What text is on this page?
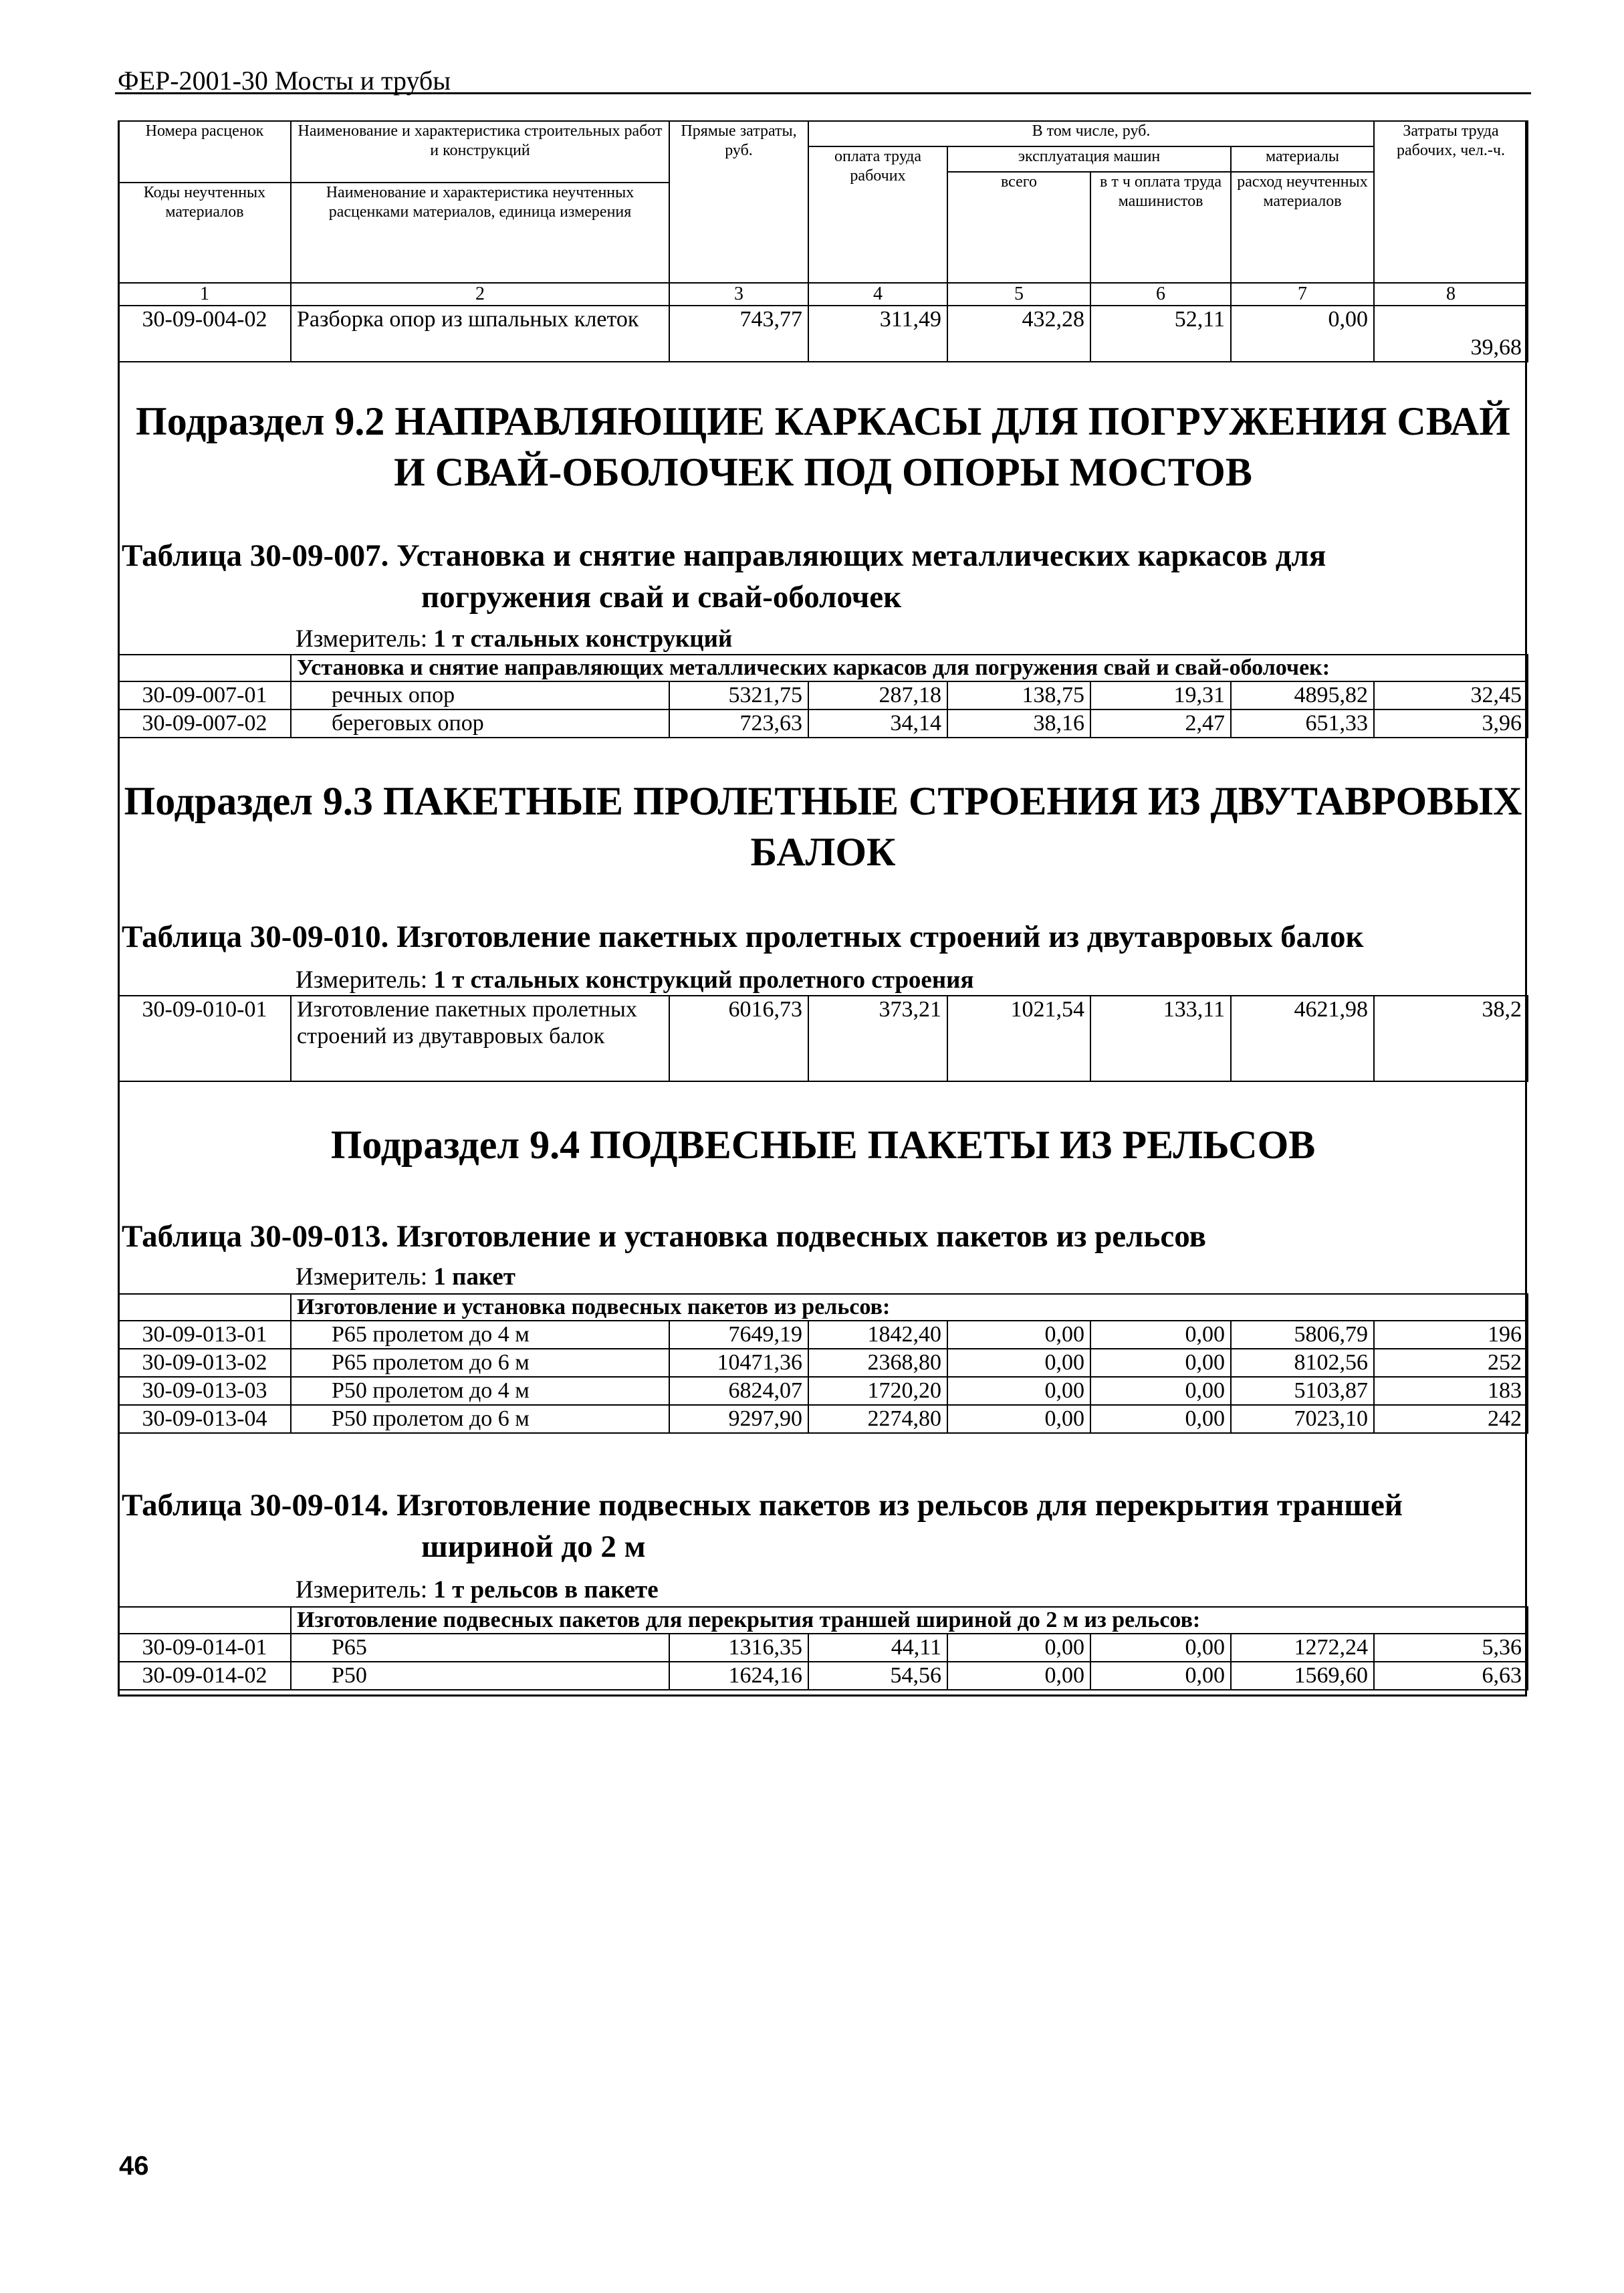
ФЕР-2001-30 Мосты и трубы
Номера расценок	Наименование и характеристика строительных работ и конструкций	Прямые затраты, руб.	В том числе, руб.				Затраты труда рабочих, чел.-ч.
			оплата труда рабочих	эксплуатация машин		материалы	
				всего	в т ч оплата труда машинистов	расход неучтенных материалов	
Коды неучтенных материалов	Наименование и характеристика неучтенных расценками материалов, единица измерения						

1	2	3	4	5	6	7	8
30-09-004-02	Разборка опор из шпальных клеток	743,77	311,49	432,28	52,11	0,00	39,68
Подраздел 9.2 НАПРАВЛЯЮЩИЕ КАРКАСЫ ДЛЯ ПОГРУЖЕНИЯ СВАЙ И СВАЙ-ОБОЛОЧЕК ПОД ОПОРЫ МОСТОВ
Таблица 30-09-007. Установка и снятие направляющих металлических каркасов для
погружения свай и свай-оболочек
Измеритель: 1 т стальных конструкций
	Установка и снятие направляющих металлических каркасов для погружения свай и свай-оболочек:						
30-09-007-01	речных опор	5321,75	287,18	138,75	19,31	4895,82	32,45
30-09-007-02	береговых опор	723,63	34,14	38,16	2,47	651,33	3,96
Подраздел 9.3 ПАКЕТНЫЕ ПРОЛЕТНЫЕ СТРОЕНИЯ ИЗ ДВУТАВРОВЫХ БАЛОК
Таблица 30-09-010. Изготовление пакетных пролетных строений из двутавровых балок
Измеритель: 1 т стальных конструкций пролетного строения
30-09-010-01	Изготовление пакетных пролетных строений из двутавровых балок	6016,73	373,21	1021,54	133,11	4621,98	38,2
Подраздел 9.4 ПОДВЕСНЫЕ ПАКЕТЫ ИЗ РЕЛЬСОВ
Таблица 30-09-013. Изготовление и установка подвесных пакетов из рельсов
Измеритель: 1 пакет
	Изготовление и установка подвесных пакетов из рельсов:						
30-09-013-01	Р65 пролетом до 4 м	7649,19	1842,40	0,00	0,00	5806,79	196
30-09-013-02	Р65 пролетом до 6 м	10471,36	2368,80	0,00	0,00	8102,56	252
30-09-013-03	Р50 пролетом до 4 м	6824,07	1720,20	0,00	0,00	5103,87	183
30-09-013-04	Р50 пролетом до 6 м	9297,90	2274,80	0,00	0,00	7023,10	242
Таблица 30-09-014. Изготовление подвесных пакетов из рельсов для перекрытия траншей
шириной до 2 м
Измеритель: 1 т рельсов в пакете
	Изготовление подвесных пакетов для перекрытия траншей шириной до 2 м из рельсов:						
30-09-014-01	Р65	1316,35	44,11	0,00	0,00	1272,24	5,36
30-09-014-02	Р50	1624,16	54,56	0,00	0,00	1569,60	6,63
46
